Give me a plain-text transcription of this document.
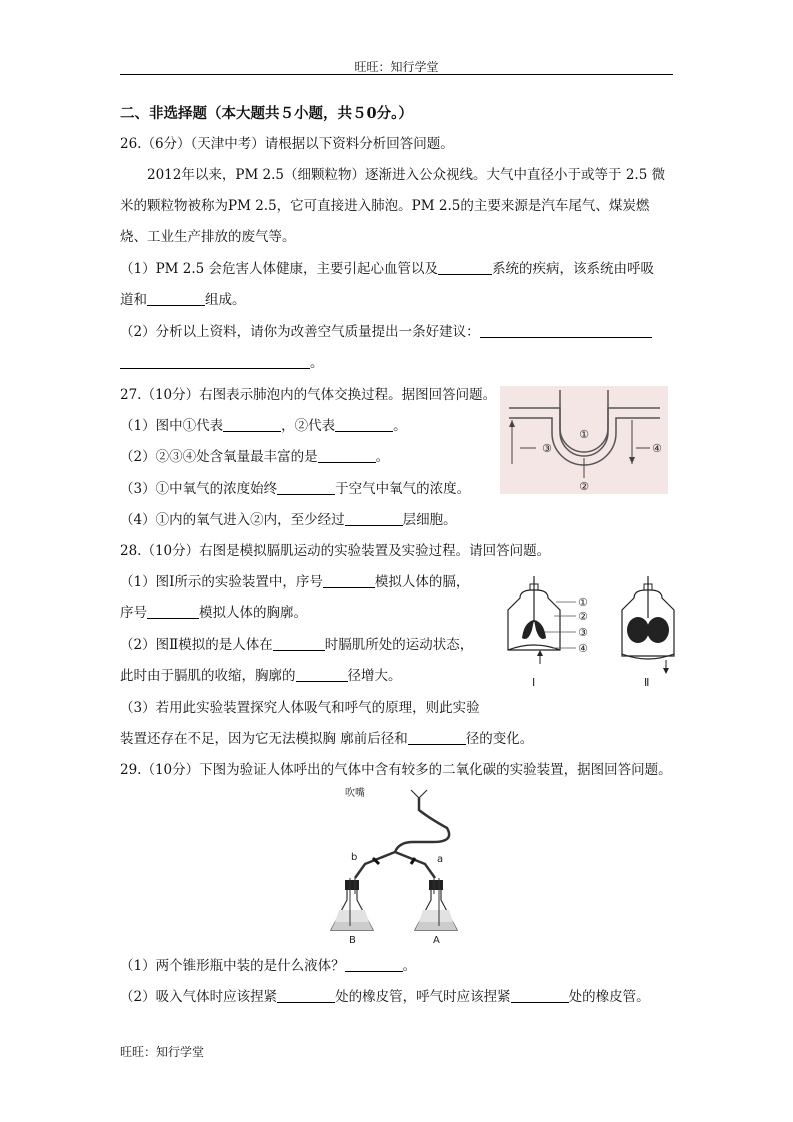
旺旺：知行学堂
二、非选择题（本大题共５小题，共５0分。）
26.（6分）（天津中考）请根据以下资料分析回答问题。
2012年以来，PM 2.5（细颗粒物）逐渐进入公众视线。大气中直径小于或等于 2.5 微
米的颗粒物被称为PM 2.5，它可直接进入肺泡。PM 2.5的主要来源是汽车尾气、煤炭燃
烧、工业生产排放的废气等。
（1）PM 2.5 会危害人体健康，主要引起心血管以及	系统的疾病，该系统由呼吸
道和	组成。
（2）分析以上资料，请你为改善空气质量提出一条好建议：
。
27.（10分）右图表示肺泡内的气体交换过程。据图回答问题。
（1）图中①代表	，②代表	。
（2）②③④处含氧量最丰富的是	。
（3）①中氧气的浓度始终	于空气中氧气的浓度。
（4）①内的氧气进入②内，至少经过	层细胞。
①
②
③	④
28.（10分）右图是模拟膈肌运动的实验装置及实验过程。请回答问题。
（1）图Ⅰ所示的实验装置中，序号	模拟人体的膈，
序号	模拟人体的胸廓。
（2）图Ⅱ模拟的是人体在	时膈肌所处的运动状态，
此时由于膈肌的收缩，胸廓的	径增大。
（3）若用此实验装置探究人体吸气和呼气的原理，则此实验
装置还存在不足，因为它无法模拟胸 廓前后径和	径的变化。
①
②
③
④
Ⅰ	Ⅱ
29.（10分）下图为验证人体呼出的气体中含有较多的二氧化碳的实验装置，据图回答问题。
吹嘴
b	a
B	A
（1）两个锥形瓶中装的是什么液体？	。
（2）吸入气体时应该捏紧	处的橡皮管，呼气时应该捏紧	处的橡皮管。
旺旺：知行学堂
